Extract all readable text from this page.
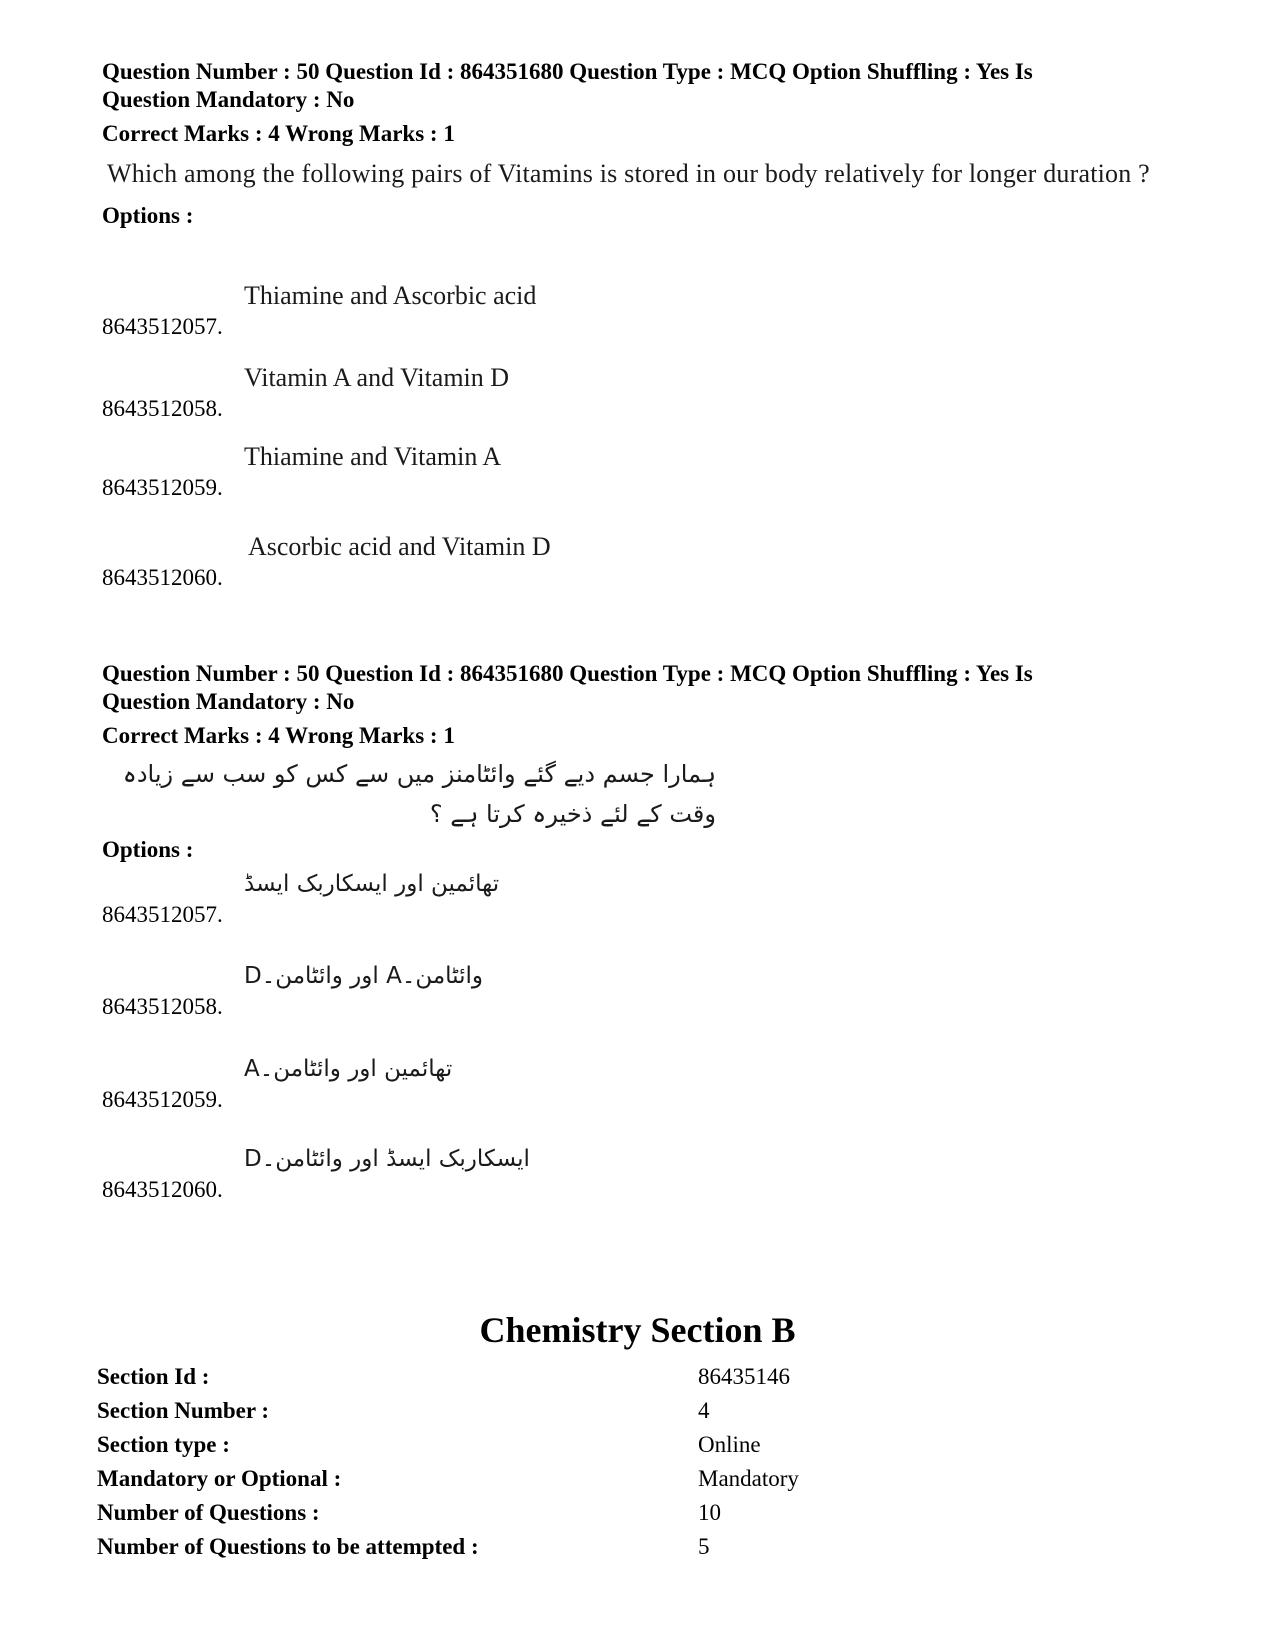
Question Number : 50 Question Id : 864351680 Question Type : MCQ Option Shuffling : Yes Is
Question Mandatory : No
Correct Marks : 4 Wrong Marks : 1
Which among the following pairs of Vitamins is stored in our body relatively for longer duration ?
Options :
8643512057.
Thiamine and Ascorbic acid
8643512058.
Vitamin A and Vitamin D
8643512059.
Thiamine and Vitamin A
8643512060.
Ascorbic acid and Vitamin D
Question Number : 50 Question Id : 864351680 Question Type : MCQ Option Shuffling : Yes Is
Question Mandatory : No
Correct Marks : 4 Wrong Marks : 1
ہمارا جسم دیے گئے وائٹامنز میں سے کس کو سب سے زیادہ وقت کے لئے ذخیرہ کرتا ہے ؟
Options :
8643512057.
تھائمین اور ایسکاربک ایسڈ
8643512058.
وائٹامن۔A اور وائٹامن۔D
8643512059.
تھائمین اور وائٹامن۔A
8643512060.
ایسکاربک ایسڈ اور وائٹامن۔D
Chemistry Section B
Section Id :	86435146
Section Number :	4
Section type :	Online
Mandatory or Optional :	Mandatory
Number of Questions :	10
Number of Questions to be attempted :	5
